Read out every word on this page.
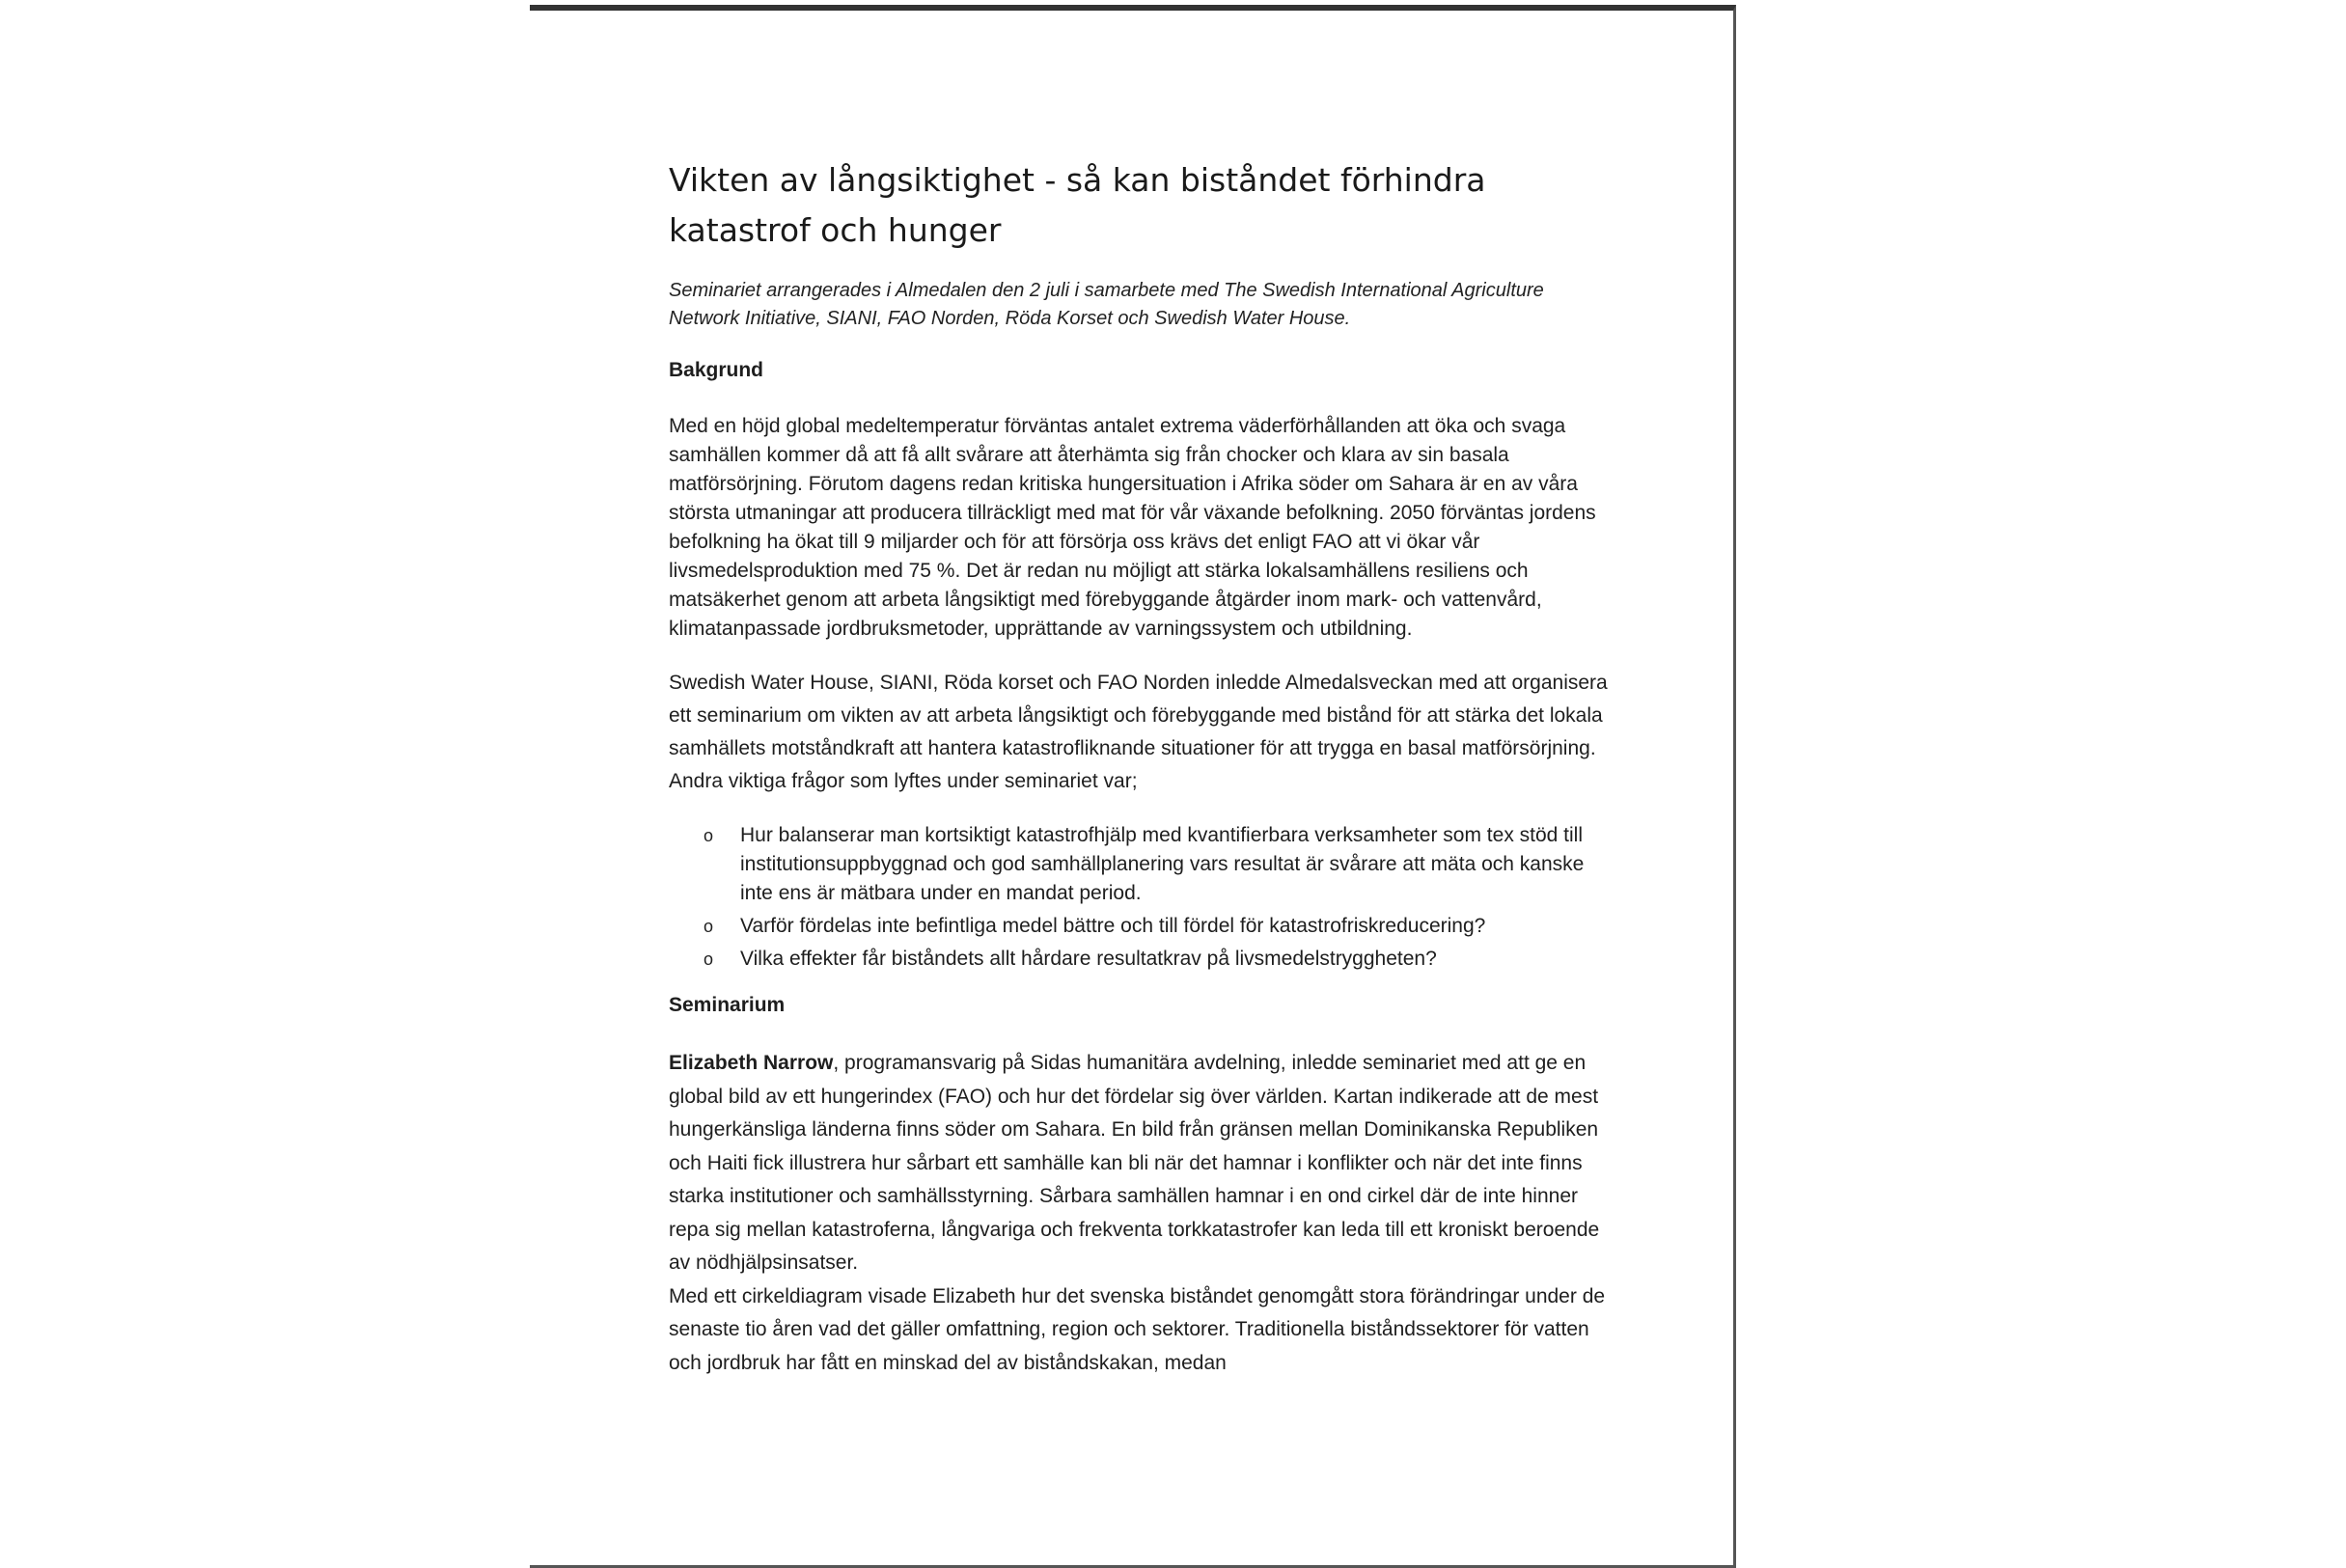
Vikten av långsiktighet - så kan biståndet förhindra katastrof och hunger

Seminariet arrangerades i Almedalen den 2 juli i samarbete med The Swedish International Agriculture Network Initiative, SIANI, FAO Norden, Röda Korset och Swedish Water House.

Bakgrund

Med en höjd global medeltemperatur förväntas antalet extrema väderförhållanden att öka och svaga samhällen kommer då att få allt svårare att återhämta sig från chocker och klara av sin basala matförsörjning. Förutom dagens redan kritiska hungersituation i Afrika söder om Sahara är en av våra största utmaningar att producera tillräckligt med mat för vår växande befolkning. 2050 förväntas jordens befolkning ha ökat till 9 miljarder och för att försörja oss krävs det enligt FAO att vi ökar vår livsmedelsproduktion med 75 %. Det är redan nu möjligt att stärka lokalsamhällens resiliens och matsäkerhet genom att arbeta långsiktigt med förebyggande åtgärder inom mark- och vattenvård, klimatanpassade jordbruksmetoder, upprättande av varningssystem och utbildning.

Swedish Water House, SIANI, Röda korset och FAO Norden inledde Almedalsveckan med att organisera ett seminarium om vikten av att arbeta långsiktigt och förebyggande med bistånd för att stärka det lokala samhällets motståndkraft att hantera katastrofliknande situationer för att trygga en basal matförsörjning. Andra viktiga frågor som lyftes under seminariet var;

o Hur balanserar man kortsiktigt katastrofhjälp med kvantifierbara verksamheter som tex stöd till institutionsuppbyggnad och god samhällplanering vars resultat är svårare att mäta och kanske inte ens är mätbara under en mandat period.
o Varför fördelas inte befintliga medel bättre och till fördel för katastrofriskreducering?
o Vilka effekter får biståndets allt hårdare resultatkrav på livsmedelstryggheten?
Seminarium

Elizabeth Narrow, programansvarig på Sidas humanitära avdelning, inledde seminariet med att ge en global bild av ett hungerindex (FAO) och hur det fördelar sig över världen. Kartan indikerade att de mest hungerkänsliga länderna finns söder om Sahara. En bild från gränsen mellan Dominikanska Republiken och Haiti fick illustrera hur sårbart ett samhälle kan bli när det hamnar i konflikter och när det inte finns starka institutioner och samhällsstyrning. Sårbara samhällen hamnar i en ond cirkel där de inte hinner repa sig mellan katastroferna, långvariga och frekventa torkkatastrofer kan leda till ett kroniskt beroende av nödhjälpsinsatser.

Med ett cirkeldiagram visade Elizabeth hur det svenska biståndet genomgått stora förändringar under de senaste tio åren vad det gäller omfattning, region och sektorer. Traditionella biståndssektorer för vatten och jordbruk har fått en minskad del av biståndskakan, medan
